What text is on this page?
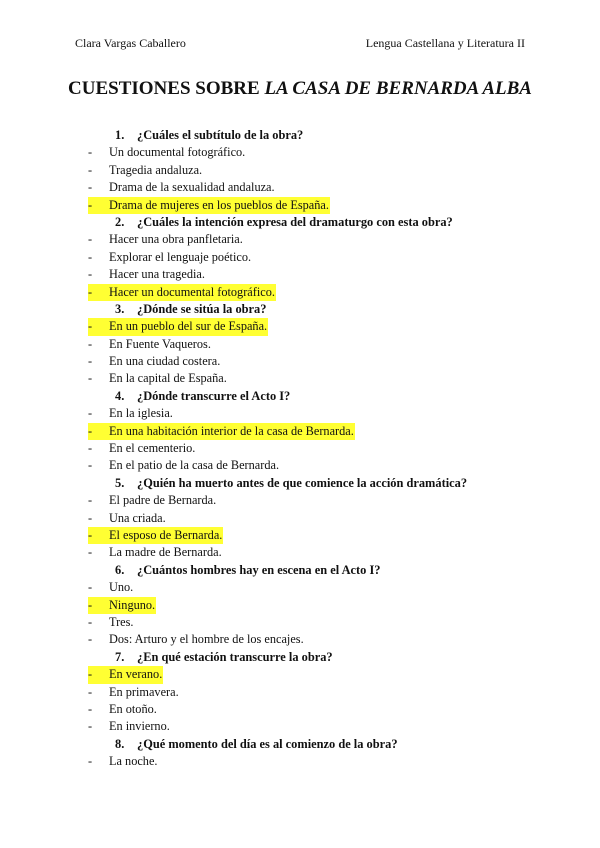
Clara Vargas Caballero	Lengua Castellana y Literatura II
CUESTIONES SOBRE LA CASA DE BERNARDA ALBA
1.	¿Cuáles el subtítulo de la obra?
-	Un documental fotográfico.
-	Tragedia andaluza.
-	Drama de la sexualidad andaluza.
-	Drama de mujeres en los pueblos de España.
2.	¿Cuáles la intención expresa del dramaturgo con esta obra?
-	Hacer una obra panfletaria.
-	Explorar el lenguaje poético.
-	Hacer una tragedia.
-	Hacer un documental fotográfico.
3.	¿Dónde se sitúa la obra?
-	En un pueblo del sur de España.
-	En Fuente Vaqueros.
-	En una ciudad costera.
-	En la capital de España.
4.	¿Dónde transcurre el Acto I?
-	En la iglesia.
-	En una habitación interior de la casa de Bernarda.
-	En el cementerio.
-	En el patio de la casa de Bernarda.
5.	¿Quién ha muerto antes de que comience la acción dramática?
-	El padre de Bernarda.
-	Una criada.
-	El esposo de Bernarda.
-	La madre de Bernarda.
6.	¿Cuántos hombres hay en escena en el Acto I?
-	Uno.
-	Ninguno.
-	Tres.
-	Dos: Arturo y el hombre de los encajes.
7.	¿En qué estación transcurre la obra?
-	En verano.
-	En primavera.
-	En otoño.
-	En invierno.
8.	¿Qué momento del día es al comienzo de la obra?
-	La noche.
